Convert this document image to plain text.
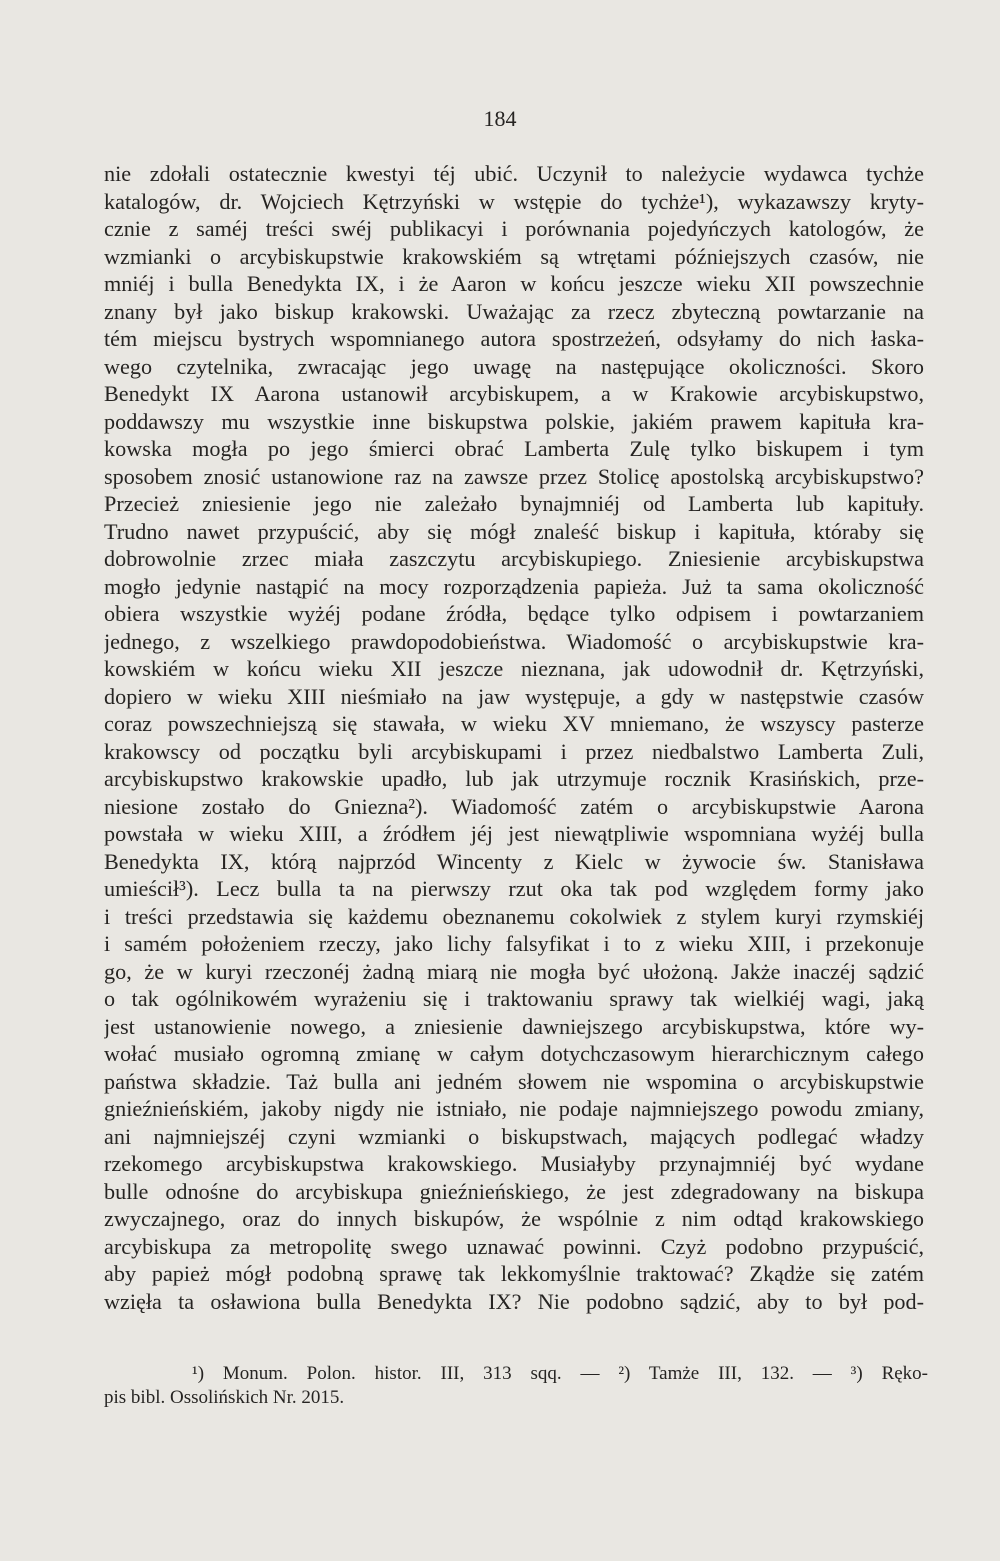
184
nie zdołali ostatecznie kwestyi téj ubić. Uczynił to należycie wydawca tychże
katalogów, dr. Wojciech Kętrzyński w wstępie do tychże¹), wykazawszy kryty-
cznie z saméj treści swéj publikacyi i porównania pojedyńczych katologów, że
wzmianki o arcybiskupstwie krakowskiém są wtrętami późniejszych czasów, nie
mniéj i bulla Benedykta IX, i że Aaron w końcu jeszcze wieku XII powszechnie
znany był jako biskup krakowski. Uważając za rzecz zbyteczną powtarzanie na
tém miejscu bystrych wspomnianego autora spostrzeżeń, odsyłamy do nich łaska-
wego czytelnika, zwracając jego uwagę na następujące okoliczności. Skoro
Benedykt IX Aarona ustanowił arcybiskupem, a w Krakowie arcybiskupstwo,
poddawszy mu wszystkie inne biskupstwa polskie, jakiém prawem kapituła kra-
kowska mogła po jego śmierci obrać Lamberta Zulę tylko biskupem i tym
sposobem znosić ustanowione raz na zawsze przez Stolicę apostolską arcybiskupstwo?
Przecież zniesienie jego nie zależało bynajmniéj od Lamberta lub kapituły.
Trudno nawet przypuścić, aby się mógł znaleść biskup i kapituła, któraby się
dobrowolnie zrzec miała zaszczytu arcybiskupiego. Zniesienie arcybiskupstwa
mogło jedynie nastąpić na mocy rozporządzenia papieża. Już ta sama okoliczność
obiera wszystkie wyżéj podane źródła, będące tylko odpisem i powtarzaniem
jednego, z wszelkiego prawdopodobieństwa. Wiadomość o arcybiskupstwie kra-
kowskiém w końcu wieku XII jeszcze nieznana, jak udowodnił dr. Kętrzyński,
dopiero w wieku XIII nieśmiało na jaw występuje, a gdy w następstwie czasów
coraz powszechniejszą się stawała, w wieku XV mniemano, że wszyscy pasterze
krakowscy od początku byli arcybiskupami i przez niedbalstwo Lamberta Zuli,
arcybiskupstwo krakowskie upadło, lub jak utrzymuje rocznik Krasińskich, prze-
niesione zostało do Gniezna²). Wiadomość zatém o arcybiskupstwie Aarona
powstała w wieku XIII, a źródłem jéj jest niewątpliwie wspomniana wyżéj bulla
Benedykta IX, którą najprzód Wincenty z Kielc w żywocie św. Stanisława
umieścił³). Lecz bulla ta na pierwszy rzut oka tak pod względem formy jako
i treści przedstawia się każdemu obeznanemu cokolwiek z stylem kuryi rzymskiéj
i samém położeniem rzeczy, jako lichy falsyfikat i to z wieku XIII, i przekonuje
go, że w kuryi rzeczonéj żadną miarą nie mogła być ułożoną. Jakże inaczéj sądzić
o tak ogólnikowém wyrażeniu się i traktowaniu sprawy tak wielkiéj wagi, jaką
jest ustanowienie nowego, a zniesienie dawniejszego arcybiskupstwa, które wy-
wołać musiało ogromną zmianę w całym dotychczasowym hierarchicznym całego
państwa składzie. Taż bulla ani jedném słowem nie wspomina o arcybiskupstwie
gnieźnieńskiém, jakoby nigdy nie istniało, nie podaje najmniejszego powodu zmiany,
ani najmniejszéj czyni wzmianki o biskupstwach, mających podlegać władzy
rzekomego arcybiskupstwa krakowskiego. Musiałyby przynajmniéj być wydane
bulle odnośne do arcybiskupa gnieźnieńskiego, że jest zdegradowany na biskupa
zwyczajnego, oraz do innych biskupów, że wspólnie z nim odtąd krakowskiego
arcybiskupa za metropolitę swego uznawać powinni. Czyż podobno przypuścić,
aby papież mógł podobną sprawę tak lekkomyślnie traktować? Zkądże się zatém
wzięła ta osławiona bulla Benedykta IX? Nie podobno sądzić, aby to był pod-
¹) Monum. Polon. histor. III, 313 sqq. — ²) Tamże III, 132. — ³) Ręko-
pis bibl. Ossolińskich Nr. 2015.
